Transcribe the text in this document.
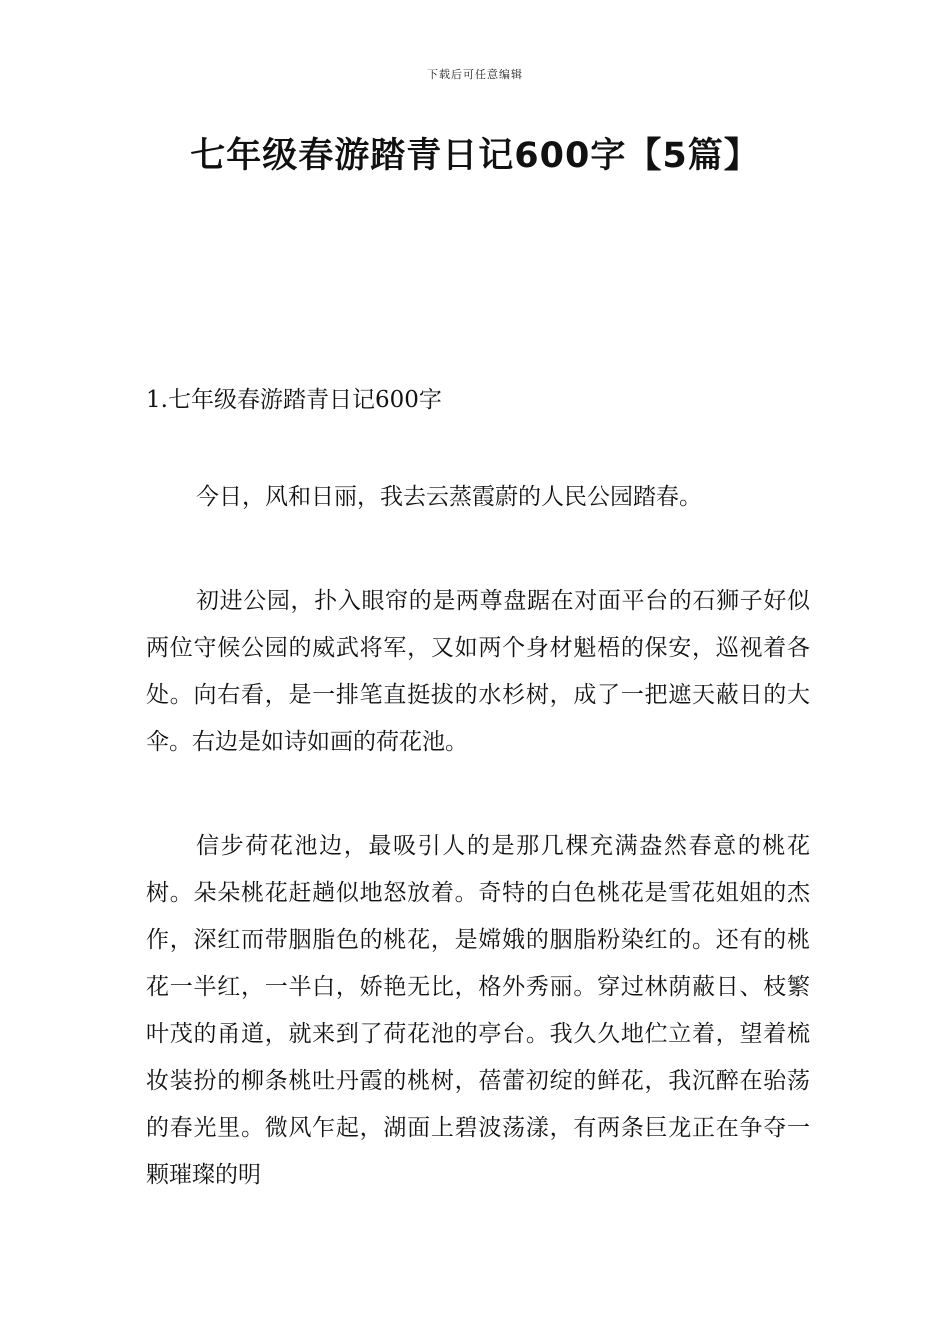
下载后可任意编辑
七年级春游踏青日记600字【5篇】
1.七年级春游踏青日记600字

今日，风和日丽，我去云蒸霞蔚的人民公园踏春。

初进公园，扑入眼帘的是两尊盘踞在对面平台的石狮子好似两位守候公园的威武将军，又如两个身材魁梧的保安，巡视着各处。向右看，是一排笔直挺拔的水杉树，成了一把遮天蔽日的大伞。右边是如诗如画的荷花池。

信步荷花池边，最吸引人的是那几棵充满盎然春意的桃花树。朵朵桃花赶趟似地怒放着。奇特的白色桃花是雪花姐姐的杰作，深红而带胭脂色的桃花，是嫦娥的胭脂粉染红的。还有的桃花一半红，一半白，娇艳无比，格外秀丽。穿过林荫蔽日、枝繁叶茂的甬道，就来到了荷花池的亭台。我久久地伫立着，望着梳妆装扮的柳条桃吐丹霞的桃树，蓓蕾初绽的鲜花，我沉醉在骀荡的春光里。微风乍起，湖面上碧波荡漾，有两条巨龙正在争夺一颗璀璨的明
